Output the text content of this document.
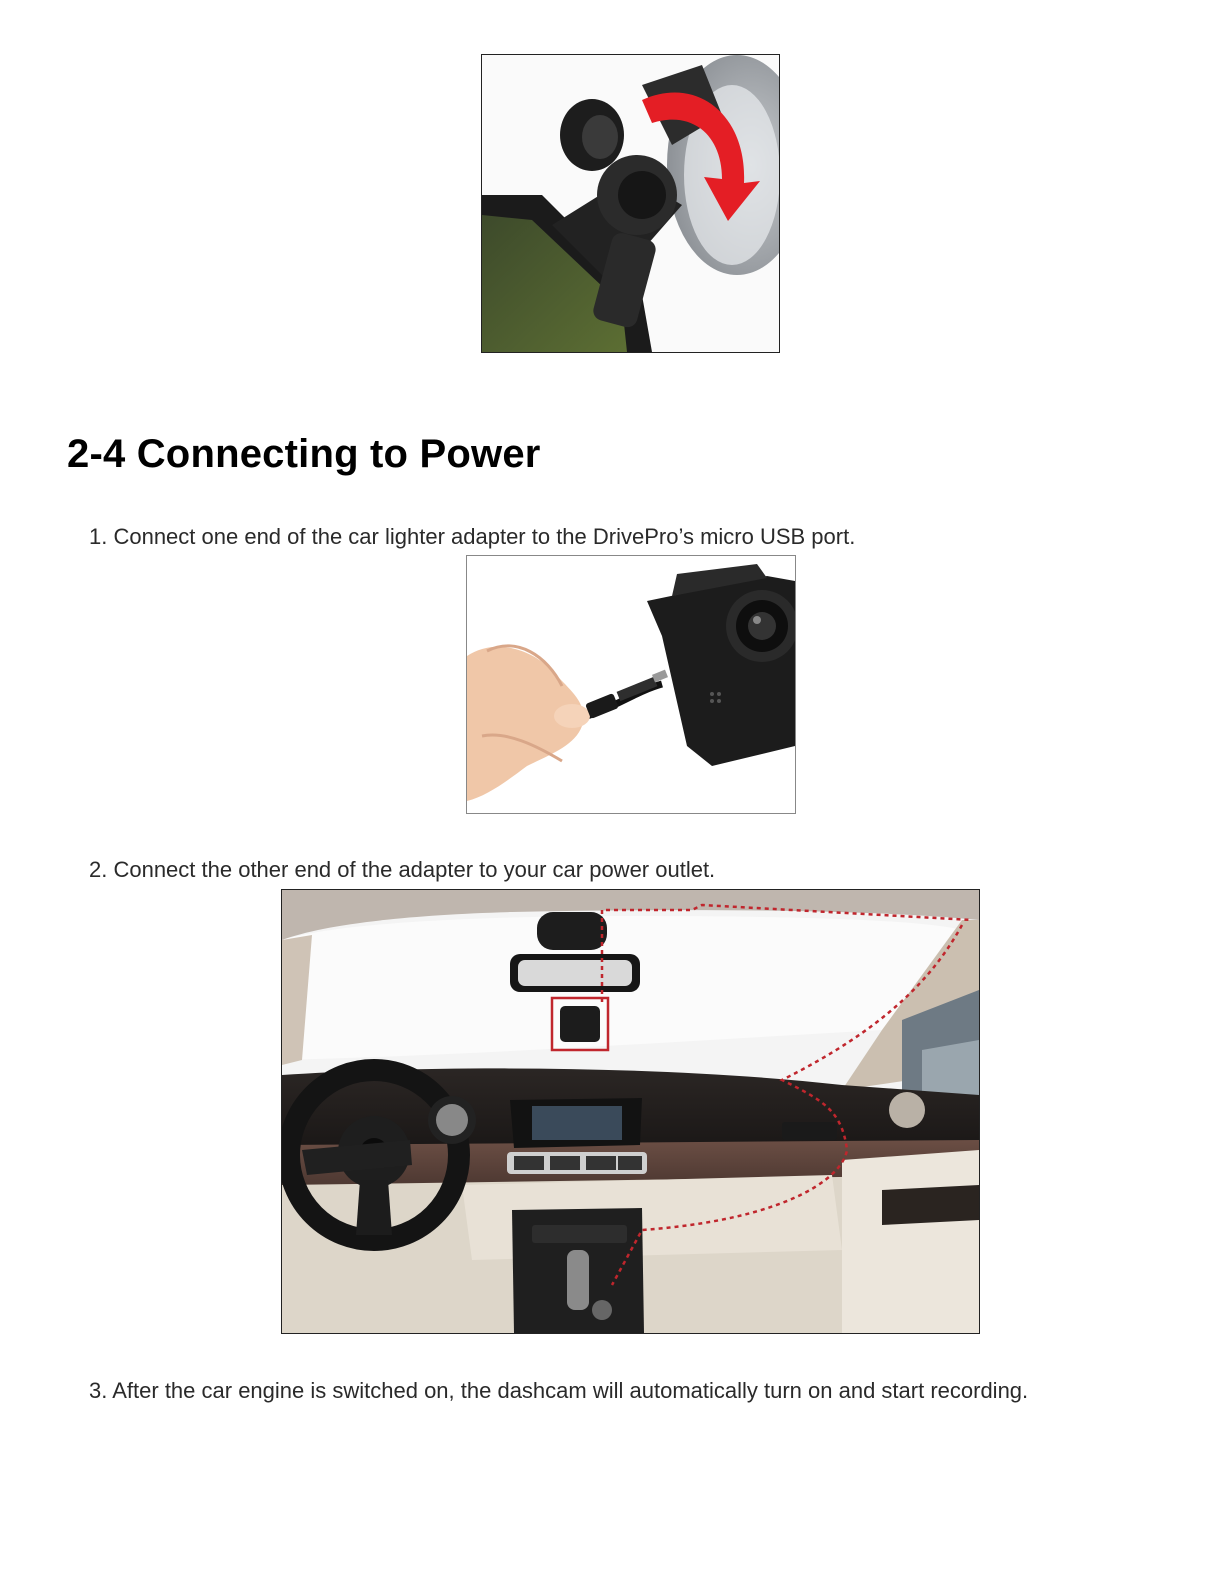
2-4 Connecting to Power

1. Connect one end of the car lighter adapter to the DrivePro’s micro USB port.

2. Connect the other end of the adapter to your car power outlet.

3. After the car engine is switched on, the dashcam will automatically turn on and start recording.
